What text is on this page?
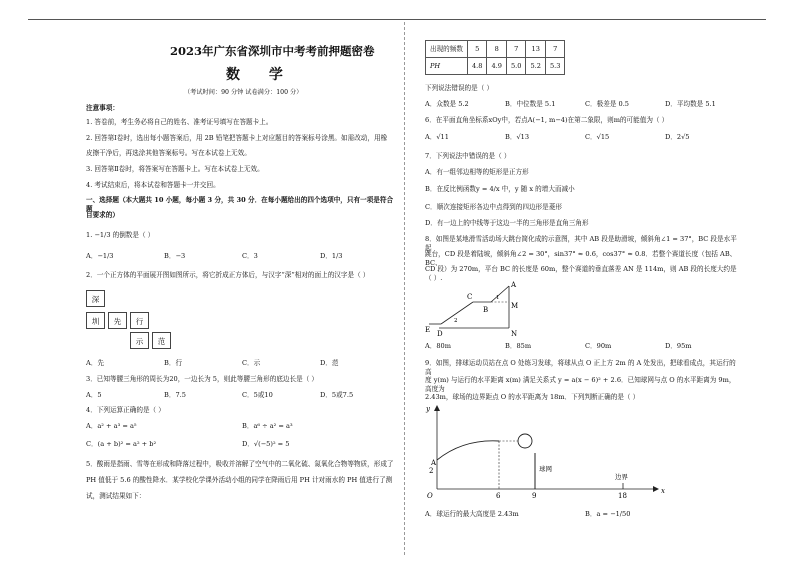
2023年广东省深圳市中考考前押题密卷
数 学
（考试时间：90 分钟 试卷满分：100 分）
注意事项：
1. 答卷前，考生务必将自己的姓名、准考证号填写在答题卡上。
2. 回答第Ⅰ卷时，选出每小题答案后，用 2B 铅笔把答题卡上对应题目的答案标号涂黑。如需改动，用橡
皮擦干净后，再选涂其他答案标号。写在本试卷上无效。
3. 回答第Ⅱ卷时，将答案写在答题卡上。写在本试卷上无效。
4. 考试结束后，将本试卷和答题卡一并交回。
一、选择题（本大题共 10 小题，每小题 3 分，共 30 分．在每小题给出的四个选项中，只有一项是符合题
目要求的）
1. −1/3 的倒数是（ ）
A．−1/3	B．−3	C．3	D．1/3
2．一个正方体的平面展开图如图所示，将它折成正方体后，与汉字“深”相对的面上的汉字是（ ）
深
圳	先	行
示	范
A．先	B．行	C．示	D．范
3．已知等腰三角形的周长为20，一边长为 5，则此等腰三角形的底边长是（ ）
A．5	B．7.5	C．5或10	D．5或7.5
4．下列运算正确的是（ ）
A．a² + a³ = a⁵	B．a⁶ ÷ a² = a³
C．(a + b)² = a² + b²	D．√(−5)² = 5
5．酸雨是指雨、雪等在形成和降落过程中，吸收并溶解了空气中的二氧化硫、氮氧化合物等物质，形成了
PH 值低于 5.6 的酸性降水．某学校化学课外活动小组的同学在降雨后用 PH 计对雨水的 PH 值进行了测
试，测试结果如下：
出现的频数	5	8	7	13	7
PH	4.8	4.9	5.0	5.2	5.3
下列说法错误的是（ ）
A．众数是 5.2	B．中位数是 5.1	C．极差是 0.5	D．平均数是 5.1
6．在平面直角坐标系xOy中，若点A(−1, m−4)在第二象限，则m的可能值为（ ）
A．√11	B．√13	C．√15	D．2√5
7．下列说法中错误的是（ ）
A．有一组邻边相等的矩形是正方形
B．在反比例函数y = 4/x 中，y 随 x 的增大而减小
C．顺次连接矩形各边中点得到的四边形是菱形
D．有一边上的中线等于这边一半的三角形是直角三角形
8．如图是某地滑雪活动场大跳台简化成的示意图，其中 AB 段是助滑坡，倾斜角∠1 = 37°，BC 段是水平起
跳台，CD 段是着陆坡，倾斜角∠2 = 30°，sin37° ≈ 0.6，cos37° ≈ 0.8．若整个赛道长度（包括 AB、BC、
CD 段）为 270m，平台 BC 的长度是 60m，整个赛道的垂直落差 AN 是 114m，则 AB 段的长度大约是（ ）.
A
M
B
C	1
2
E D	N
A．80m	B．85m	C．90m	D．95m
9．如图，排球运动员站在点 O 处练习发球，将球从点 O 正上方 2m 的 A 处发出，把球看成点，其运行的高
度 y(m) 与运行的水平距离 x(m) 满足关系式 y = a(x − 6)² + 2.6．已知球网与点 O 的水平距离为 9m，高度为
2.43m，球场的边界距点 O 的水平距离为 18m．下列判断正确的是（ ）
y
x
O
A
2
6	9	18
球网
边界
A．球运行的最大高度是 2.43m	B．a = −1/50
